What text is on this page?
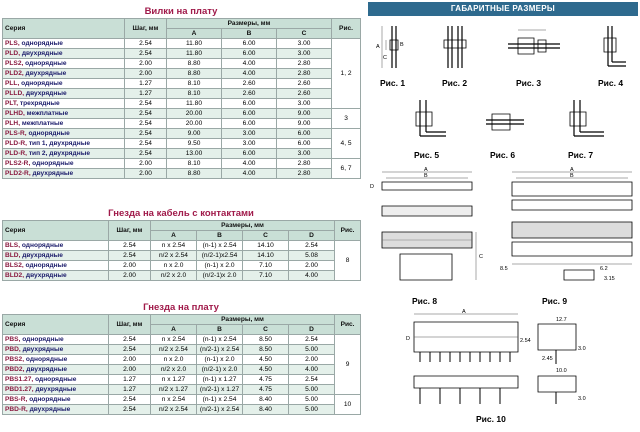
Вилки на плату
Серия	Шаг, мм	Размеры, мм			Рис.
		A	B	C	
PLS, однорядные	2.54	11.80	6.00	3.00	1, 2
PLD, двухрядные	2.54	11.80	6.00	3.00	
PLS2, однорядные	2.00	8.80	4.00	2.80	
PLD2, двухрядные	2.00	8.80	4.00	2.80	
PLL, однорядные	1.27	8.10	2.60	2.60	
PLLD, двухрядные	1.27	8.10	2.60	2.60	
PLT, трехрядные	2.54	11.80	6.00	3.00	
PLHD, межплатные	2.54	20.00	6.00	9.00	3
PLH, межплатные	2.54	20.00	6.00	9.00	
PLS-R, однорядные	2.54	9.00	3.00	6.00	4, 5
PLD-R, тип 1, двухрядные	2.54	9.50	3.00	6.00	
PLD-R, тип 2, двухрядные	2.54	13.00	6.00	3.00	
PLS2-R, однорядные	2.00	8.10	4.00	2.80	6, 7
PLD2-R, двухрядные	2.00	8.80	4.00	2.80	
Гнезда на кабель с контактами
Серия	Шаг, мм	Размеры, мм				Рис.
		A	B	C	D	
BLS, однорядные	2.54	n x 2.54	(n-1) x 2.54	14.10	2.54	8
BLD, двухрядные	2.54	n/2 x 2.54	(n/2-1)x2.54	14.10	5.08	
BLS2, однорядные	2.00	n x 2.0	(n-1) x 2.0	7.10	2.00	
BLD2, двухрядные	2.00	n/2 x 2.0	(n/2-1)x 2.0	7.10	4.00	
Гнезда на плату
Серия	Шаг, мм	Размеры, мм				Рис.
		A	B	C	D	
PBS, однорядные	2.54	n x 2.54	(n-1) x 2.54	8.50	2.54	9
PBD, двухрядные	2.54	n/2 x 2.54	(n/2-1) x 2.54	8.50	5.00	
PBS2, однорядные	2.00	n x 2.0	(n-1) x 2.0	4.50	2.00	
PBD2, двухрядные	2.00	n/2 x 2.0	(n/2-1) x 2.0	4.50	4.00	
PBS1.27, однорядные	1.27	n x 1.27	(n-1) x 1.27	4.75	2.54	
PBD1.27, двухрядные	1.27	n/2 x 1.27	(n/2-1) x 1.27	4.75	5.00	
PBS-R, однорядные	2.54	n x 2.54	(n-1) x 2.54	8.40	5.00	10
PBD-R, двухрядные	2.54	n/2 x 2.54	(n/2-1) x 2.54	8.40	5.00	
ГАБАРИТНЫЕ РАЗМЕРЫ
A
C
B
Рис. 1	Рис. 2	Рис. 3	Рис. 4
Рис. 5	Рис. 6	Рис. 7
A
B
D
C
Рис. 8
A
B
8.5	6.2
3.15
Рис. 9
A
D	2.54
12.7
3.0
2.45
10.0
3.0
Рис. 10
